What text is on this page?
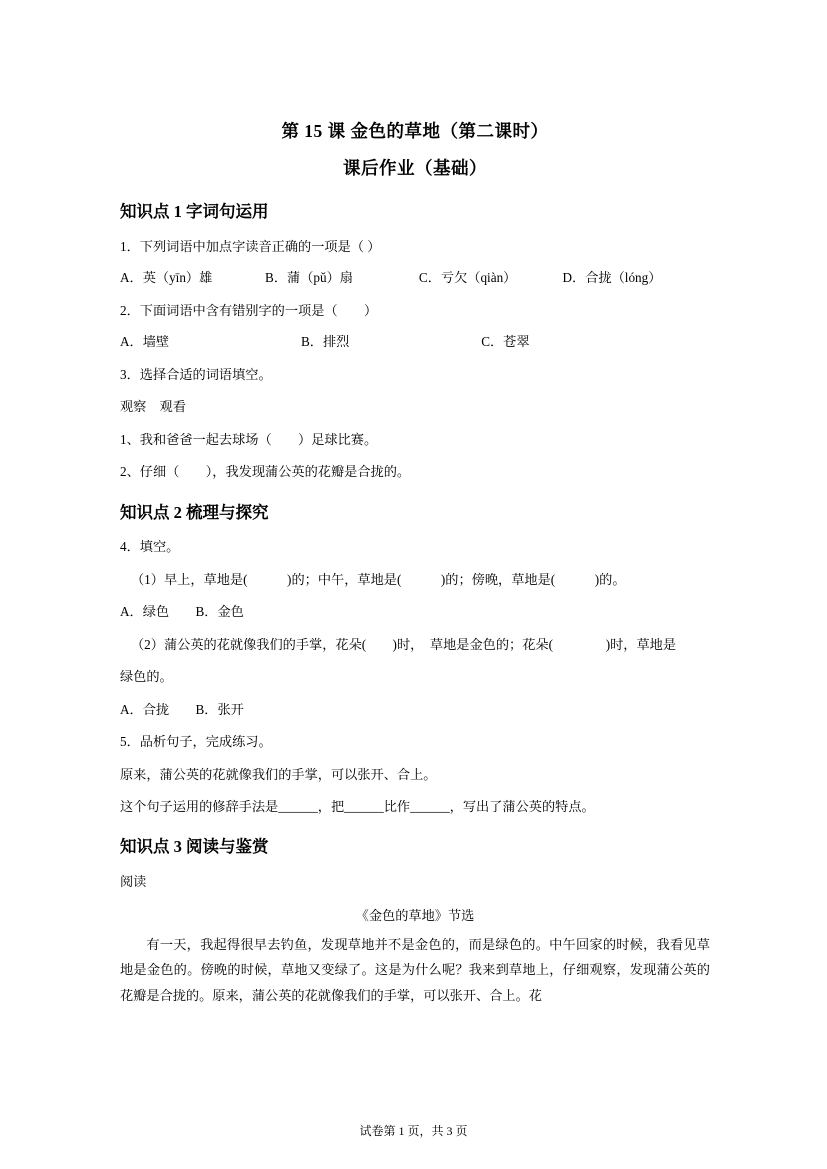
第 15 课 金色的草地（第二课时）
课后作业（基础）
知识点 1 字词句运用

1．下列词语中加点字读音正确的一项是（ ）

A．英（yīn）雄　　　　B．蒲（pǔ）扇　　　　　C．亏欠（qiàn）　　　　D．合拢（lóng）

2．下面词语中含有错别字的一项是（　　）

A．墙壁　　　　　　　　　　B．排烈　　　　　　　　　　C．苍翠

3．选择合适的词语填空。

观察　观看

1、我和爸爸一起去球场（　　）足球比赛。

2、仔细（　　），我发现蒲公英的花瓣是合拢的。

知识点 2 梳理与探究

4．填空。

（1）早上，草地是(　　　)的；中午，草地是(　　　)的；傍晚，草地是(　　　)的。

A．绿色　　B．金色

（2）蒲公英的花就像我们的手掌，花朵(　　)时，　草地是金色的；花朵(　　　　)时，草地是

绿色的。

A．合拢　　B．张开

5．品析句子，完成练习。

原来，蒲公英的花就像我们的手掌，可以张开、合上。

这个句子运用的修辞手法是______，把______比作______，写出了蒲公英的特点。

知识点 3 阅读与鉴赏

阅读

《金色的草地》节选

有一天，我起得很早去钓鱼，发现草地并不是金色的，而是绿色的。中午回家的时候，我看见草地是金色的。傍晚的时候，草地又变绿了。这是为什么呢？我来到草地上，仔细观察，发现蒲公英的花瓣是合拢的。原来，蒲公英的花就像我们的手掌，可以张开、合上。花

试卷第 1 页，共 3 页
